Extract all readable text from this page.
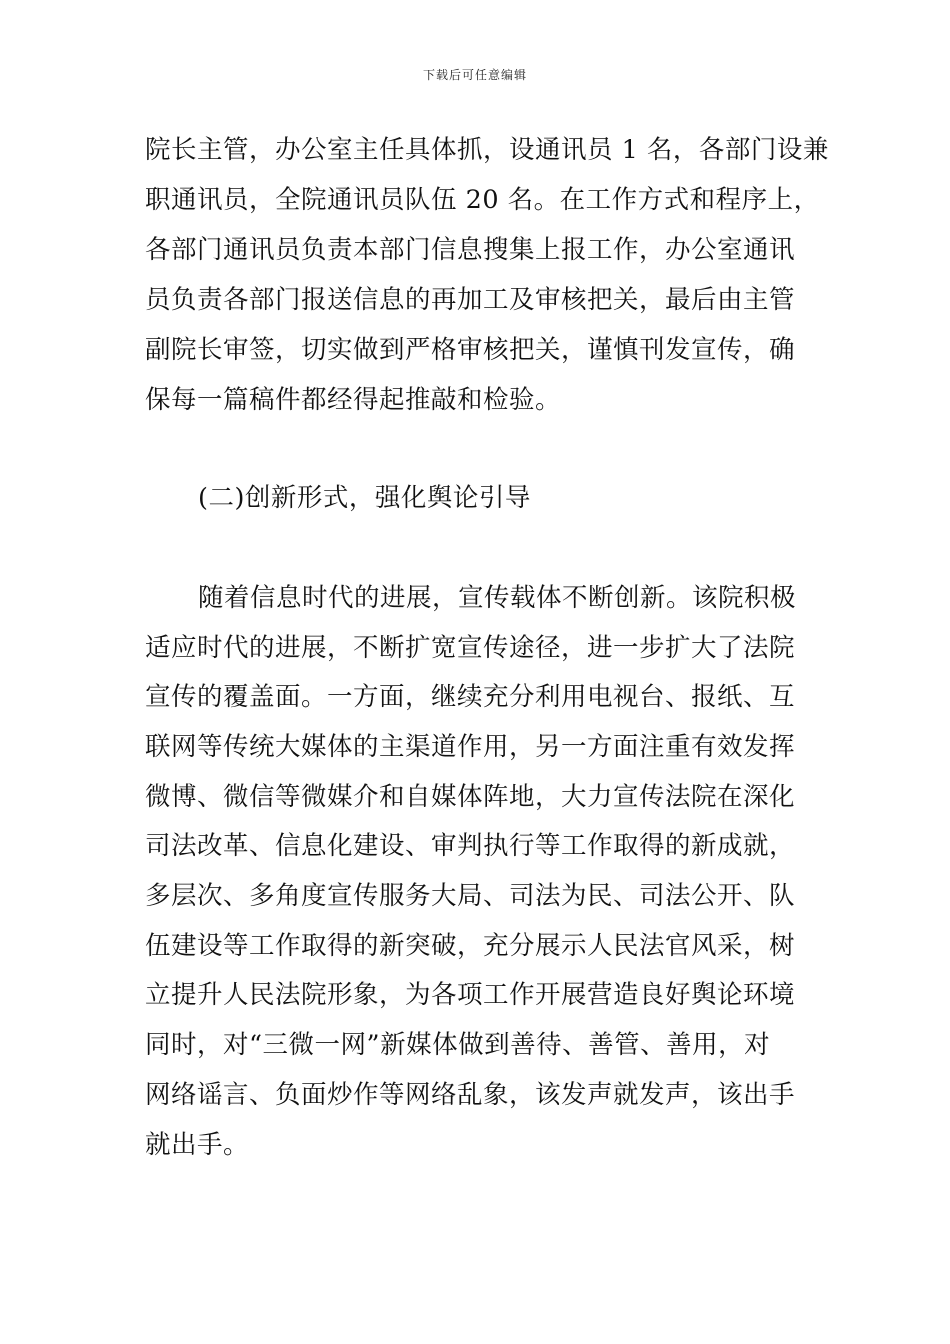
下载后可任意编辑
院长主管，办公室主任具体抓，设通讯员 1 名，各部门设兼
职通讯员，全院通讯员队伍 20 名。在工作方式和程序上，
各部门通讯员负责本部门信息搜集上报工作，办公室通讯
员负责各部门报送信息的再加工及审核把关，最后由主管
副院长审签，切实做到严格审核把关，谨慎刊发宣传，确
保每一篇稿件都经得起推敲和检验。
(二)创新形式，强化舆论引导
随着信息时代的进展，宣传载体不断创新。该院积极
适应时代的进展，不断扩宽宣传途径，进一步扩大了法院
宣传的覆盖面。一方面，继续充分利用电视台、报纸、互
联网等传统大媒体的主渠道作用，另一方面注重有效发挥
微博、微信等微媒介和自媒体阵地，大力宣传法院在深化
司法改革、信息化建设、审判执行等工作取得的新成就，
多层次、多角度宣传服务大局、司法为民、司法公开、队
伍建设等工作取得的新突破，充分展示人民法官风采，树
立提升人民法院形象，为各项工作开展营造良好舆论环境
同时，对“三微一网”新媒体做到善待、善管、善用，对
网络谣言、负面炒作等网络乱象，该发声就发声，该出手
就出手。
